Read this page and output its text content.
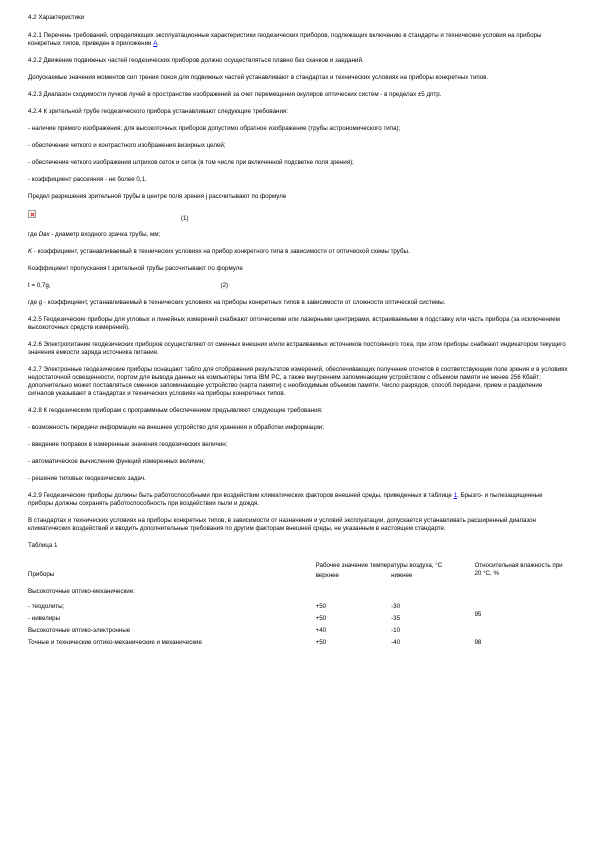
4.2 Характеристики
4.2.1 Перечень требований, определяющих эксплуатационные характеристики геодезических приборов, подлежащих включению в стандарты и технические условия на приборы конкретных типов, приведен в приложении А.
4.2.2 Движение подвижных частей геодезических приборов должно осуществляться плавно без скачков и заеданий.
Допускаемые значения моментов сил трения покоя для подвижных частей устанавливают в стандартах и технических условиях на приборы конкретных типов.
4.2.3 Диапазон сходимости пучков лучей в пространстве изображений за счет перемещения окуляров оптических систем - в пределах ±5 дптр.
4.2.4 К зрительной трубе геодезического прибора устанавливают следующие требования:
- наличие прямого изображения; для высокоточных приборов допустимо обратное изображение (трубы астрономического типа);
- обеспечение четкого и контрастного изображения визирных целей;
- обеспечение четкого изображения штрихов сеток и сеток (в том числе при включенной подсветке поля зрения);
- коэффициент рассеяния - не более 0,1.
Предел разрешения зрительной трубы в центре поля зрения j рассчитывают по формуле
(1)
где Dвх - диаметр входного зрачка трубы, мм;
K - коэффициент, устанавливаемый в технических условиях на прибор конкретного типа в зависимости от оптической схемы трубы.
Коэффициент пропускания t зрительной трубы рассчитывают по формуле
t = 0,7g,	(2)
где g - коэффициент, устанавливаемый в технических условиях на приборы конкретных типов в зависимости от сложности оптической системы.
4.2.5 Геодезические приборы для угловых и линейных измерений снабжают оптическими или лазерными центрирами, встраиваемыми в подставку или часть прибора (за исключением высокоточных средств измерений).
4.2.6 Электропитание геодезических приборов осуществляют от сменных внешних и/или встраиваемых источников постоянного тока, при этом приборы снабжают индикатором текущего значения емкости заряда источника питания.
4.2.7 Электронные геодезические приборы оснащают табло для отображения результатов измерений, обеспечивающих получение отсчетов в соответствующем поле зрения и в условиях недостаточной освещенности, портом для вывода данных на компьютеры типа IBM PC, а также внутренним запоминающим устройством с объемом памяти не менее 256 Кбайт; дополнительно может поставляться сменное запоминающее устройство (карта памяти) с необходимым объемом памяти. Число разрядов, способ передачи, прием и разделение сигналов указывают в стандартах и технических условиях на приборы конкретных типов.
4.2.8 К геодезическим приборам с программным обеспечением предъявляют следующие требования:
- возможность передачи информации на внешнее устройство для хранения и обработки информации;
- введение поправок в измеренные значения геодезических величин;
- автоматическое вычисление функций измеренных величин;
- решение типовых геодезических задач.
4.2.9 Геодезические приборы должны быть работоспособными при воздействии климатических факторов внешней среды, приведенных в таблице 1. Брызго- и пылезащищенные приборы должны сохранять работоспособность при воздействии пыли и дождя.
В стандартах и технических условиях на приборы конкретных типов, в зависимости от назначения и условий эксплуатации, допускается устанавливать расширенный диапазон климатических воздействий и вводить дополнительные требования по другим факторам внешней среды, не указанным в настоящем стандарте.
Таблица 1
Приборы	Рабочее значение температуры воздуха, °С		Относительная влажность при 20 °С, %
	верхнее	нижнее	
Высокоточные оптико-механические:			
- теодолиты;	+50	-30	95
- нивелиры	+50	-35	
Высокоточные оптико-электронные	+40	-10	
Точные и технические оптико-механические и механические	+50	-40	98
